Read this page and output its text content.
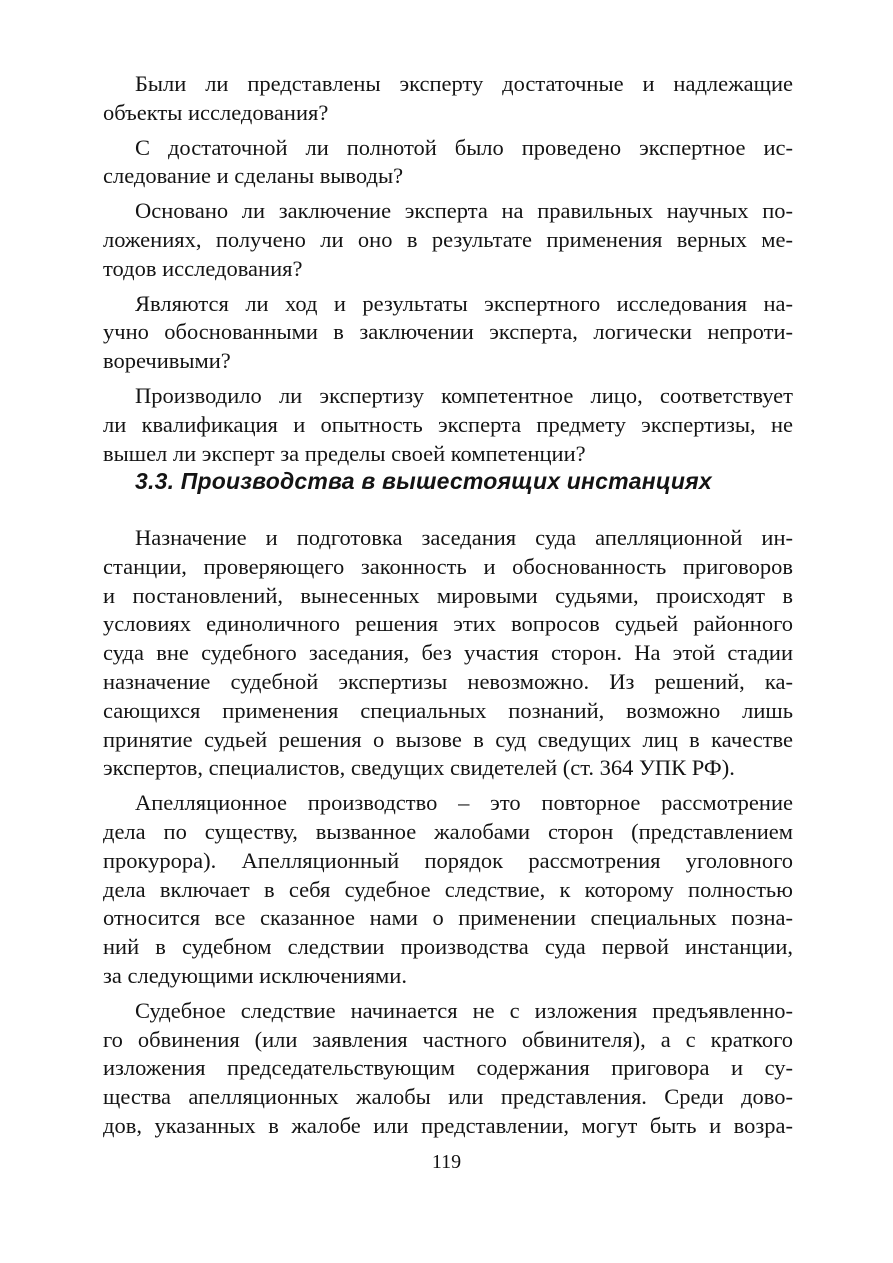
Были ли представлены эксперту достаточные и надлежащие
объекты исследования?

С достаточной ли полнотой было проведено экспертное ис-
следование и сделаны выводы?

Основано ли заключение эксперта на правильных научных по-
ложениях, получено ли оно в результате применения верных ме-
тодов исследования?

Являются ли ход и результаты экспертного исследования на-
учно обоснованными в заключении эксперта, логически непроти-
воречивыми?

Производило ли экспертизу компетентное лицо, соответствует
ли квалификация и опытность эксперта предмету экспертизы, не
вышел ли эксперт за пределы своей компетенции?

3.3. Производства в вышестоящих инстанциях

Назначение и подготовка заседания суда апелляционной ин-
станции, проверяющего законность и обоснованность приговоров
и постановлений, вынесенных мировыми судьями, происходят в
условиях единоличного решения этих вопросов судьей районного
суда вне судебного заседания, без участия сторон. На этой стадии
назначение судебной экспертизы невозможно. Из решений, ка-
сающихся применения специальных познаний, возможно лишь
принятие судьей решения о вызове в суд сведущих лиц в качестве
экспертов, специалистов, сведущих свидетелей (ст. 364 УПК РФ).

Апелляционное производство – это повторное рассмотрение
дела по существу, вызванное жалобами сторон (представлением
прокурора). Апелляционный порядок рассмотрения уголовного
дела включает в себя судебное следствие, к которому полностью
относится все сказанное нами о применении специальных позна-
ний в судебном следствии производства суда первой инстанции,
за следующими исключениями.

Судебное следствие начинается не с изложения предъявленно-
го обвинения (или заявления частного обвинителя), а с краткого
изложения председательствующим содержания приговора и су-
щества апелляционных жалобы или представления. Среди дово-
дов, указанных в жалобе или представлении, могут быть и возра-

119
